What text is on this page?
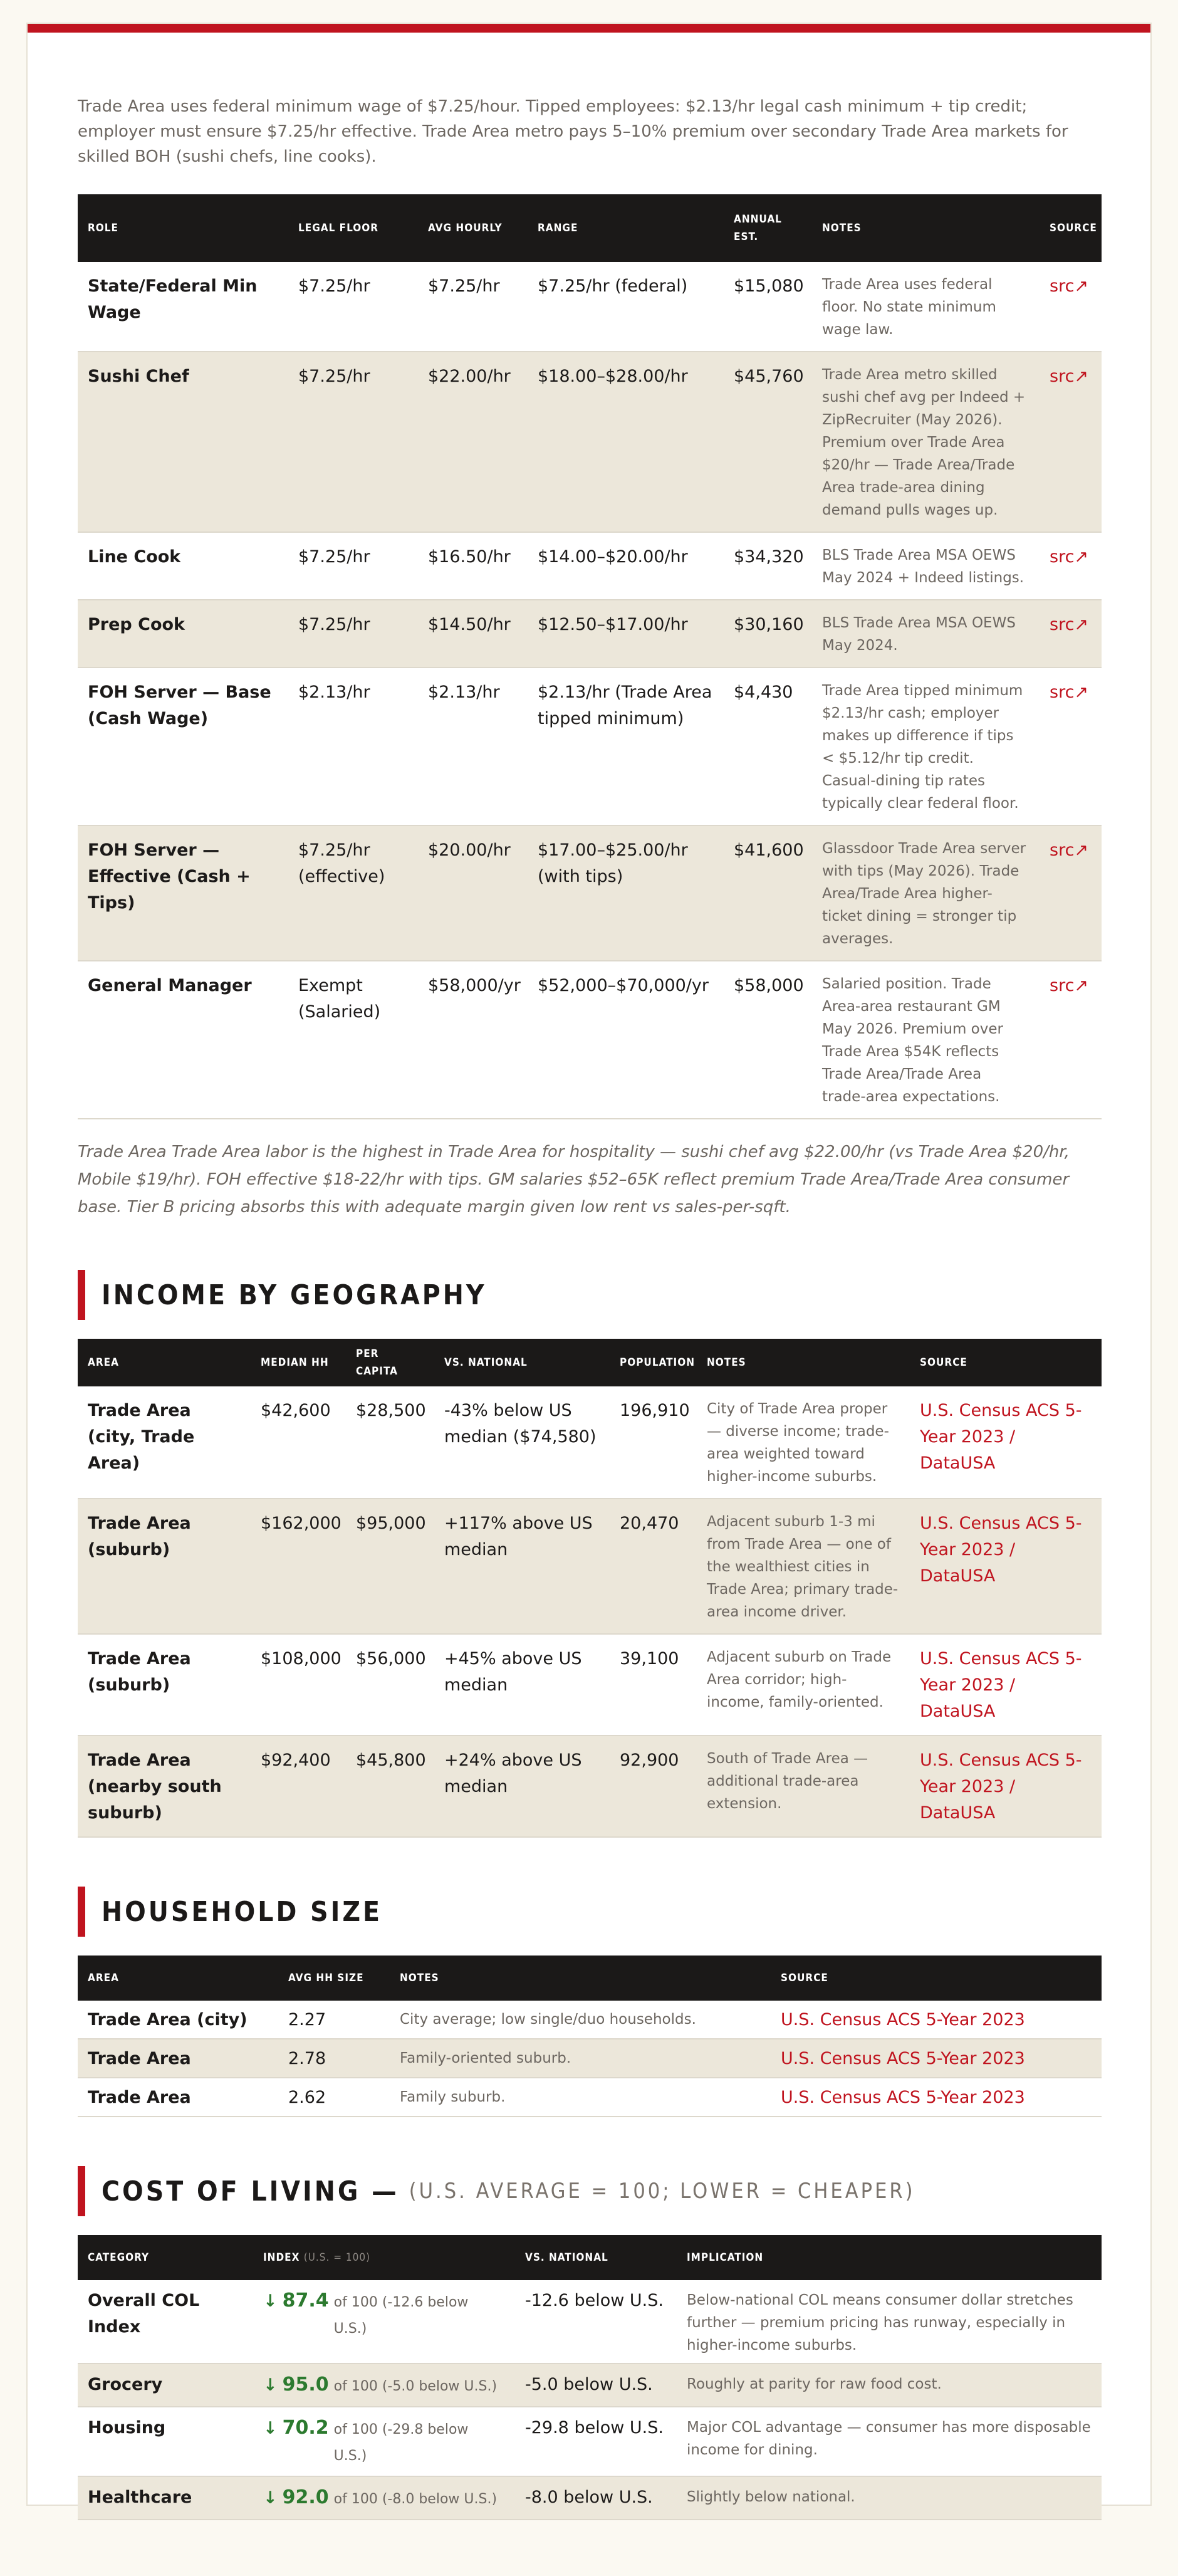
Trade Area uses federal minimum wage of $7.25/hour. Tipped employees: $2.13/hr legal cash minimum + tip credit; employer must ensure $7.25/hr effective. Trade Area metro pays 5–10% premium over secondary Trade Area markets for skilled BOH (sushi chefs, line cooks).

ROLE	LEGAL FLOOR	AVG HOURLY	RANGE	ANNUAL EST.	NOTES	SOURCE
State/Federal Min Wage	$7.25/hr	$7.25/hr	$7.25/hr (federal)	$15,080	Trade Area uses federal floor. No state minimum wage law.	src↗
Sushi Chef	$7.25/hr	$22.00/hr	$18.00–$28.00/hr	$45,760	Trade Area metro skilled sushi chef avg per Indeed + ZipRecruiter (May 2026). Premium over Trade Area $20/hr — Trade Area/Trade Area trade-area dining demand pulls wages up.	src↗
Line Cook	$7.25/hr	$16.50/hr	$14.00–$20.00/hr	$34,320	BLS Trade Area MSA OEWS May 2024 + Indeed listings.	src↗
Prep Cook	$7.25/hr	$14.50/hr	$12.50–$17.00/hr	$30,160	BLS Trade Area MSA OEWS May 2024.	src↗
FOH Server — Base (Cash Wage)	$2.13/hr	$2.13/hr	$2.13/hr (Trade Area tipped minimum)	$4,430	Trade Area tipped minimum $2.13/hr cash; employer makes up difference if tips < $5.12/hr tip credit. Casual-dining tip rates typically clear federal floor.	src↗
FOH Server — Effective (Cash + Tips)	$7.25/hr (effective)	$20.00/hr	$17.00–$25.00/hr (with tips)	$41,600	Glassdoor Trade Area server with tips (May 2026). Trade Area/Trade Area higher-ticket dining = stronger tip averages.	src↗
General Manager	Exempt (Salaried)	$58,000/yr	$52,000–$70,000/yr	$58,000	Salaried position. Trade Area-area restaurant GM May 2026. Premium over Trade Area $54K reflects Trade Area/Trade Area trade-area expectations.	src↗

Trade Area Trade Area labor is the highest in Trade Area for hospitality — sushi chef avg $22.00/hr (vs Trade Area $20/hr, Mobile $19/hr). FOH effective $18-22/hr with tips. GM salaries $52–65K reflect premium Trade Area/Trade Area consumer base. Tier B pricing absorbs this with adequate margin given low rent vs sales-per-sqft.

INCOME BY GEOGRAPHY
AREA	MEDIAN HH	PER CAPITA	VS. NATIONAL	POPULATION	NOTES	SOURCE
Trade Area (city, Trade Area)	$42,600	$28,500	-43% below US median ($74,580)	196,910	City of Trade Area proper — diverse income; trade-area weighted toward higher-income suburbs.	U.S. Census ACS 5-Year 2023 / DataUSA
Trade Area (suburb)	$162,000	$95,000	+117% above US median	20,470	Adjacent suburb 1-3 mi from Trade Area — one of the wealthiest cities in Trade Area; primary trade-area income driver.	U.S. Census ACS 5-Year 2023 / DataUSA
Trade Area (suburb)	$108,000	$56,000	+45% above US median	39,100	Adjacent suburb on Trade Area corridor; high-income, family-oriented.	U.S. Census ACS 5-Year 2023 / DataUSA
Trade Area (nearby south suburb)	$92,400	$45,800	+24% above US median	92,900	South of Trade Area — additional trade-area extension.	U.S. Census ACS 5-Year 2023 / DataUSA
HOUSEHOLD SIZE
AREA	AVG HH SIZE	NOTES	SOURCE
Trade Area (city)	2.27	City average; low single/duo households.	U.S. Census ACS 5-Year 2023
Trade Area	2.78	Family-oriented suburb.	U.S. Census ACS 5-Year 2023
Trade Area	2.62	Family suburb.	U.S. Census ACS 5-Year 2023
COST OF LIVING — (U.S. AVERAGE = 100; LOWER = CHEAPER)
CATEGORY	INDEX (U.S. = 100)	VS. NATIONAL	IMPLICATION
Overall COL Index	↓ 87.4 of 100 (-12.6 below U.S.)	-12.6 below U.S.	Below-national COL means consumer dollar stretches further — premium pricing has runway, especially in higher-income suburbs.
Grocery	↓ 95.0 of 100 (-5.0 below U.S.)	-5.0 below U.S.	Roughly at parity for raw food cost.
Housing	↓ 70.2 of 100 (-29.8 below U.S.)	-29.8 below U.S.	Major COL advantage — consumer has more disposable income for dining.
Healthcare	↓ 92.0 of 100 (-8.0 below U.S.)	-8.0 below U.S.	Slightly below national.
